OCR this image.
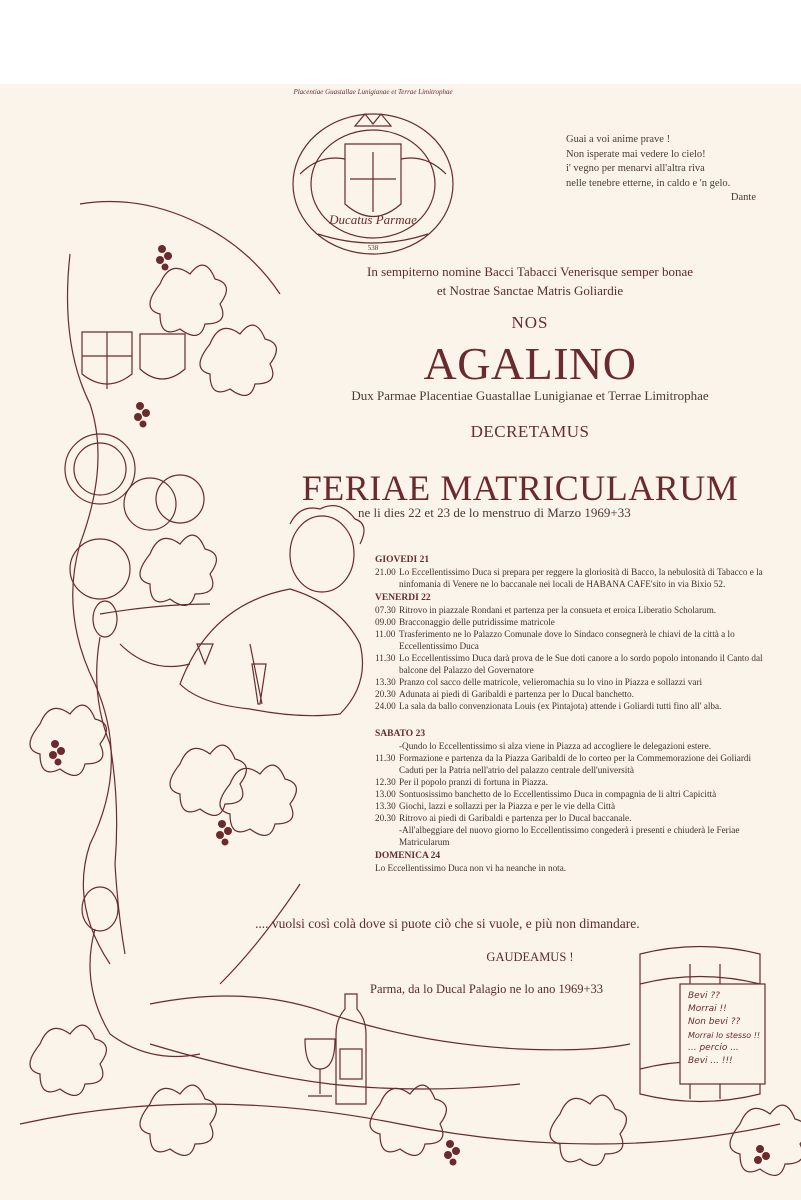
Ducatus Parmae
Placentiae Guastallae Lunigianae et Terrae Limitrophae
538
Guai a voi anime prave !
Non isperate mai vedere lo cielo!
i' vegno per menarvi all'altra riva
nelle tenebre etterne, in caldo e 'n gelo.
Dante
In sempiterno nomine Bacci Tabacci Venerisque semper bonae
et Nostrae Sanctae Matris Goliardie
NOS
AGALINO
Dux Parmae Placentiae Guastallae Lunigianae et Terrae Limitrophae
DECRETAMUS
FERIAE MATRICULARUM
ne li dies 22 et 23 de lo menstruo di Marzo 1969+33
GIOVEDI 21
21.00 Lo Eccellentissimo Duca si prepara per reggere la gloriosità di Bacco, la nebulosità di Tabacco e la ninfomania di Venere ne lo baccanale nei locali de HABANA CAFE'sito in via Bixio 52.
VENERDI 22
07.30 Ritrovo in piazzale Rondani et partenza per la consueta et eroica Liberatio Scholarum.
09.00 Bracconaggio delle putridissime matricole
11.00 Trasferimento ne lo Palazzo Comunale dove lo Sindaco consegnerà le chiavi de la città a lo Eccellentissimo Duca
11.30 Lo Eccellentissimo Duca darà prova de le Sue doti canore a lo sordo popolo intonando il Canto dal balcone del Palazzo del Governatore
13.30 Pranzo col sacco delle matricole, velieromachia su lo vino in Piazza e sollazzi vari
20.30 Adunata ai piedi di Garibaldi e partenza per lo Ducal banchetto.
24.00 La sala da ballo convenzionata Louis (ex Pintajota) attende i Goliardi tutti fino all' alba.
SABATO 23
-Qundo lo Eccellentissimo si alza viene in Piazza ad accogliere le delegazioni estere.
11.30 Formazione e partenza da la Piazza Garibaldi de lo corteo per la Commemorazione dei Goliardi Caduti per la Patria nell'atrio del palazzo centrale dell'università
12.30 Per il popolo pranzi di fortuna in Piazza.
13.00 Sontuosissimo banchetto de lo Eccellentissimo Duca in compagnia de li altri Capicittà
13.30 Giochi, lazzi e sollazzi per la Piazza e per le vie della Città
20.30 Ritrovo ai piedi di Garibaldi e partenza per lo Ducal baccanale.
-All'albeggiare del nuovo giorno lo Eccellentissimo congederà i presenti e chiuderà le Feriae Matricularum
DOMENICA 24
Lo Eccellentissimo Duca non vi ha neanche in nota.
.... vuolsi così colà dove si puote ciò che si vuole, e più non dimandare.
GAUDEAMUS !
Parma, da lo Ducal Palagio ne lo ano 1969+33	Bevi ??
Morrai !!
Non bevi ??
Morrai lo stesso !!
... percio ...
Bevi ... !!!
